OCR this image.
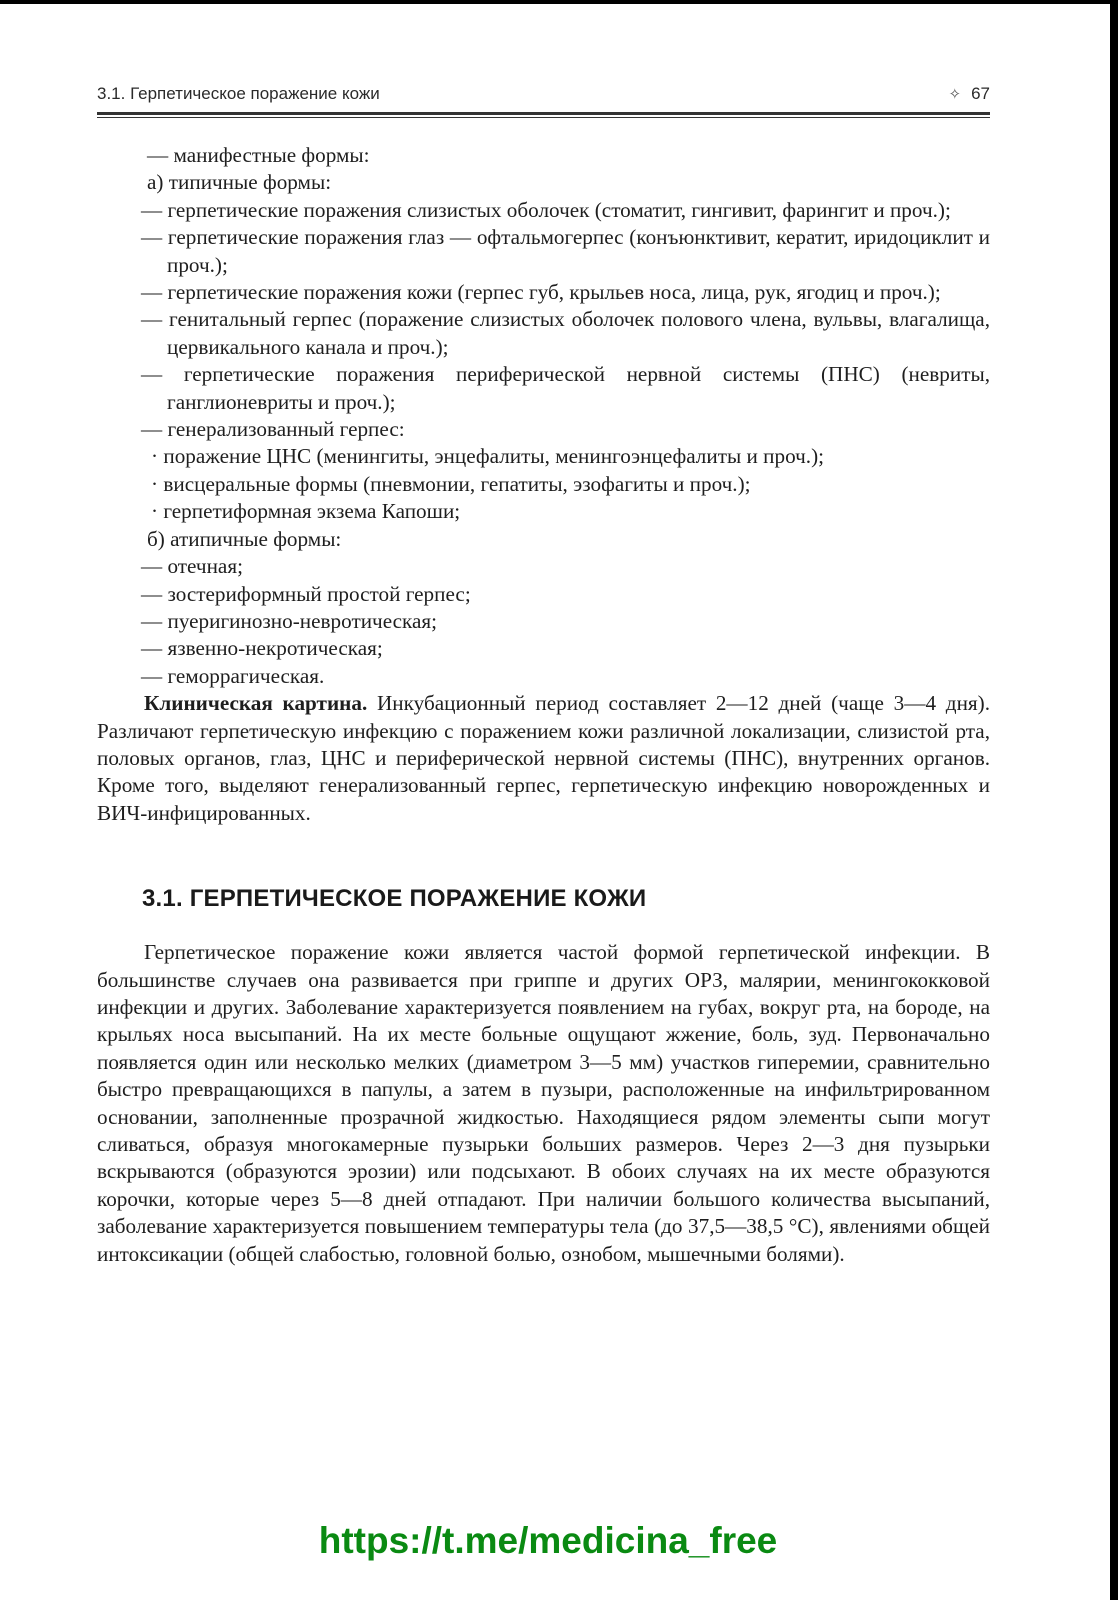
3.1. Герпетическое поражение кожи	✧ 67
— манифестные формы:
а) типичные формы:
— герпетические поражения слизистых оболочек (стоматит, гингивит, фарингит и проч.);
— герпетические поражения глаз — офтальмогерпес (конъюнктивит, кератит, иридоциклит и проч.);
— герпетические поражения кожи (герпес губ, крыльев носа, лица, рук, ягодиц и проч.);
— генитальный герпес (поражение слизистых оболочек полового члена, вульвы, влагалища, цервикального канала и проч.);
— герпетические поражения периферической нервной системы (ПНС) (невриты, ганглионевриты и проч.);
— генерализованный герпес:
· поражение ЦНС (менингиты, энцефалиты, менингоэнцефалиты и проч.);
· висцеральные формы (пневмонии, гепатиты, эзофагиты и проч.);
· герпетиформная экзема Капоши;
б) атипичные формы:
— отечная;
— зостериформный простой герпес;
— пуеригинозно-невротическая;
— язвенно-некротическая;
— геморрагическая.
Клиническая картина. Инкубационный период составляет 2—12 дней (чаще 3—4 дня). Различают герпетическую инфекцию с поражением кожи различной локализации, слизистой рта, половых органов, глаз, ЦНС и периферической нервной системы (ПНС), внутренних органов. Кроме того, выделяют генерализованный герпес, герпетическую инфекцию новорожденных и ВИЧ-инфицированных.
3.1. ГЕРПЕТИЧЕСКОЕ ПОРАЖЕНИЕ КОЖИ
Герпетическое поражение кожи является частой формой герпетической инфекции. В большинстве случаев она развивается при гриппе и других ОРЗ, малярии, менингококковой инфекции и других. Заболевание характеризуется появлением на губах, вокруг рта, на бороде, на крыльях носа высыпаний. На их месте больные ощущают жжение, боль, зуд. Первоначально появляется один или несколько мелких (диаметром 3—5 мм) участков гиперемии, сравнительно быстро превращающихся в папулы, а затем в пузыри, расположенные на инфильтрированном основании, заполненные прозрачной жидкостью. Находящиеся рядом элементы сыпи могут сливаться, образуя многокамерные пузырьки больших размеров. Через 2—3 дня пузырьки вскрываются (образуются эрозии) или подсыхают. В обоих случаях на их месте образуются корочки, которые через 5—8 дней отпадают. При наличии большого количества высыпаний, заболевание характеризуется повышением температуры тела (до 37,5—38,5 °С), явлениями общей интоксикации (общей слабостью, головной болью, ознобом, мышечными болями).
https://t.me/medicina_free
